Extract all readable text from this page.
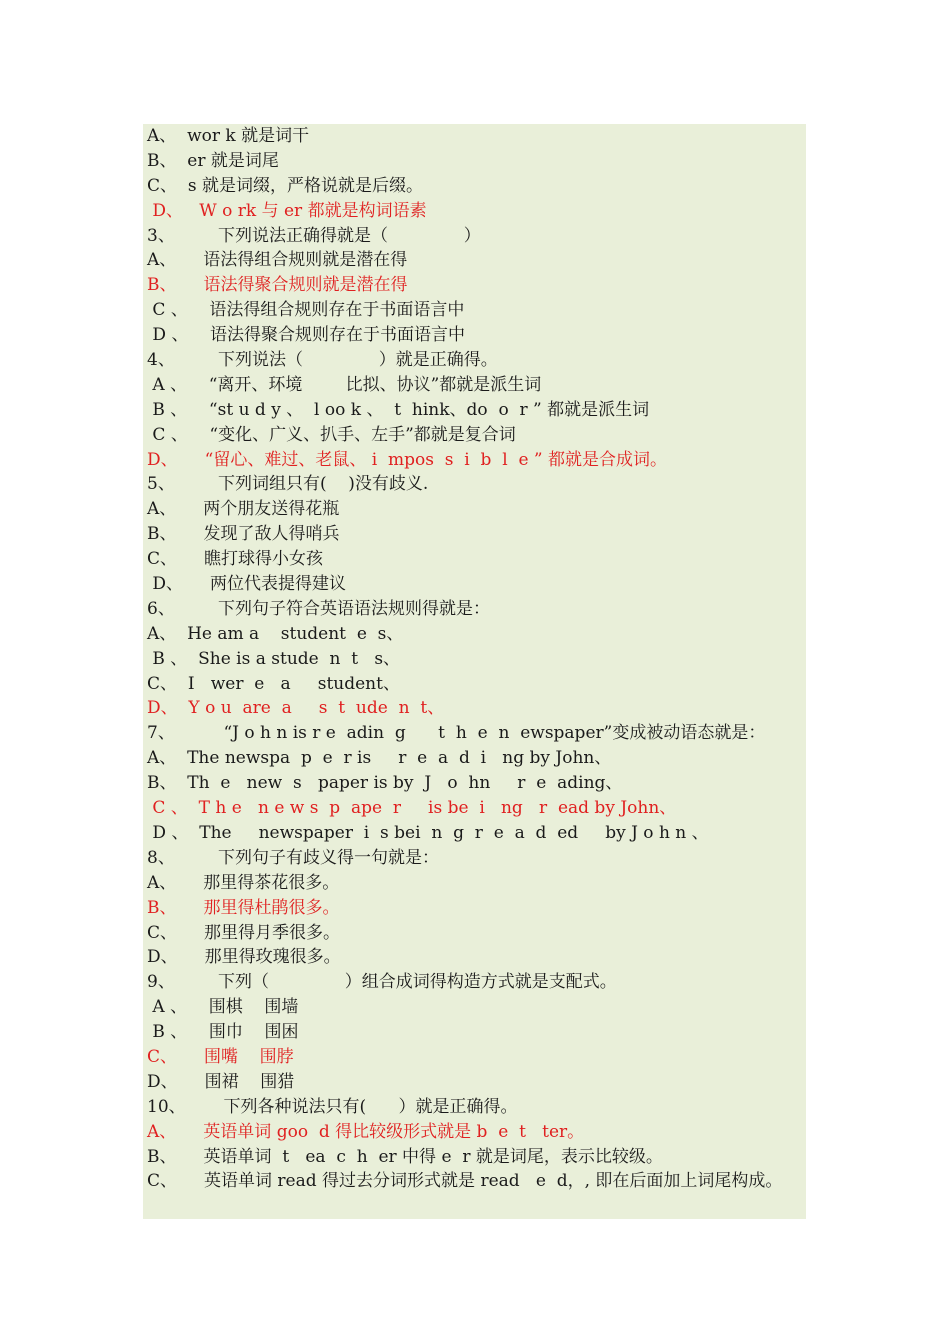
A、  wor k 就是词干
B、  er 就是词尾
C、  s 就是词缀，严格说就是后缀。
D、   W o rk 与 er 都就是构词语素
3、        下列说法正确得就是（              ）
A、     语法得组合规则就是潜在得
B、     语法得聚合规则就是潜在得
C 、    语法得组合规则存在于书面语言中
D 、    语法得聚合规则存在于书面语言中
4、        下列说法（              ）就是正确得。
A 、    “离开、环境        比拟、协议”都就是派生词
B 、    “st u d y 、  l oo k 、  t  hink、do  o  r ” 都就是派生词
C 、    “变化、广义、扒手、左手”都就是复合词
D、     “留心、难过、老鼠、 i  mpos  s  i  b  l  e ” 都就是合成词。
5、        下列词组只有(    )没有歧义.
A、     两个朋友送得花瓶
B、     发现了敌人得哨兵
C、     瞧打球得小女孩
D、     两位代表提得建议
6、        下列句子符合英语语法规则得就是：
A、  He am a    student  e  s、
B 、  She is a stude  n  t   s、
C、  I   wer  e   a     student、
D、  Y o u  are  a     s  t  ude  n  t、
7、         “J o h n is r e  adin  g      t  h  e  n  ewspaper”变成被动语态就是：
A、  The newspa  p  e  r is     r  e  a  d  i   ng by John、
B、  Th  e   new  s   paper is by  J   o  hn     r  e  ading、
C 、  T h e   n e w s  p  ape  r     is be  i   ng   r  ead by John、
D 、  The     newspaper  i  s bei  n  g  r  e  a  d  ed     by J o h n 、
8、        下列句子有歧义得一句就是：
A、     那里得茶花很多。
B、     那里得杜鹃很多。
C、     那里得月季很多。
D、     那里得玫瑰很多。
9、        下列（              ）组合成词得构造方式就是支配式。
A 、    围棋    围墙
B 、    围巾    围困
C、     围嘴    围脖
D、     围裙    围猎
10、       下列各种说法只有(      ）就是正确得。
A、     英语单词 goo  d 得比较级形式就是 b  e  t   ter。
B、     英语单词  t   ea  c  h  er 中得 e  r 就是词尾，表示比较级。
C、     英语单词 read 得过去分词形式就是 read   e  d，, 即在后面加上词尾构成。
